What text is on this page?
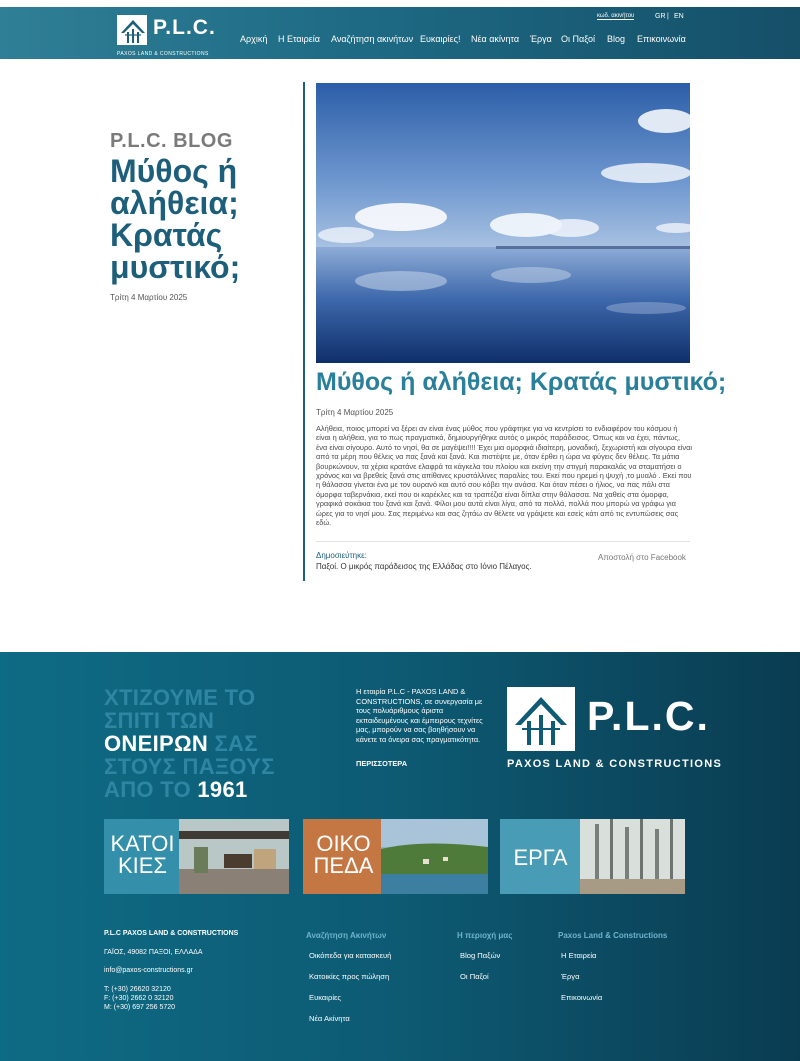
P.L.C.
PAXOS LAND & CONSTRUCTIONS
κωδ. ακινήτου	GR | EN
Αρχική Η Εταιρεία Αναζήτηση ακινήτων Ευκαιρίες! Νέα ακίνητα Έργα Οι Παξοί Blog Επικοινωνία
P.L.C. BLOG
Μύθος ή αλήθεια; Κρατάς μυστικό;
Τρίτη 4 Μαρτίου 2025
Μύθος ή αλήθεια; Κρατάς μυστικό;
Τρίτη 4 Μαρτίου 2025
Αλήθεια, ποιος μπορεί να ξέρει αν είναι ένας μύθος που γράφτηκε για να κεντρίσει το ενδιαφέρον του κόσμου ή είναι η αλήθεια, για το πως πραγματικά, δημιουργήθηκε αυτός ο μικρός παράδεισος. Όπως και να έχει, πάντως, ένα είναι σίγουρο. Αυτό το νησί, θα σε μαγέψει!!!! Έχει μια ομορφιά ιδιαίτερη, μοναδική, ξεχωριστή και σίγουρα είναι από τα μέρη που θέλεις να πας ξανά και ξανά. Και πιστέψτε με, όταν έρθει η ώρα να φύγεις δεν θέλεις. Τα μάτια βουρκώνουν, τα χέρια κρατάνε ελαφρά τα κάγκελα του πλοίου και εκείνη την στιγμή παρακαλάς να σταματήσει ο χρόνος και να βρεθείς ξανά στις απίθανες κρυστάλλινες παραλίες του. Εκεί που ηρεμεί η ψυχή ,το μυαλό . Εκεί που η θάλασσα γίνεται ένα με τον ουρανό και αυτό σου κόβει την ανάσα. Και όταν πέσει ο ήλιος, να πας πάλι στα όμορφα ταβερνάκια, εκεί που οι καρέκλες και τα τραπέζια είναι δίπλα στην θάλασσα. Να χαθείς στα όμορφα, γραφικά σοκάκια του ξανά και ξανά. Φίλοι μου αυτά είναι λίγα, από τα πολλά, πολλά που μπορώ να γράφω για ώρες για το νησί μου. Σας περιμένω και σας ζητάω αν θέλετε να γράψετε και εσείς κάτι από τις εντυπώσεις σας εδώ.
Δημοσιεύτηκε:
Παξοί. Ο μικρός παράδεισος της Ελλάδας στο Ιόνιο Πέλαγος.
Αποστολή στο Facebook
ΧΤΙΖΟΥΜΕ ΤΟ ΣΠΙΤΙ ΤΩΝ ΟΝΕΙΡΩΝ ΣΑΣ ΣΤΟΥΣ ΠΑΞΟΥΣ ΑΠΟ ΤΟ 1961
Η εταιρία P.L.C - PAXOS LAND & CONSTRUCTIONS, σε συνεργασία με τους πολυάριθμους άριστα εκπαιδευμένους και έμπειρους τεχνίτες μας, μπορούν να σας βοηθήσουν να κάνετε τα όνειρα σας πραγματικότητα.
ΠΕΡΙΣΣΟΤΕΡΑ
P.L.C.
PAXOS LAND & CONSTRUCTIONS
ΚΑΤΟΙ
ΚΙΕΣ
ΟΙΚΟ
ΠΕΔΑ	ΕΡΓΑ
P.L.C PAXOS LAND & CONSTRUCTIONS
ΓΑΪΟΣ, 49082 ΠΑΞΟΙ, ΕΛΛΑΔΑ
info@paxos-constructions.gr
T: (+30) 26620 32120
F: (+30) 2662 0 32120
M: (+30) 697 256 5720
Αναζήτηση Ακινήτων
Οικόπεδα για κατασκευή
Κατοικίες προς πώληση
Ευκαιρίες
Νέα Ακίνητα
Η περιοχή μας
Blog Παξών
Οι Παξοί
Paxos Land & Constructions
Η Εταιρεία
Έργα
Επικοινωνία
